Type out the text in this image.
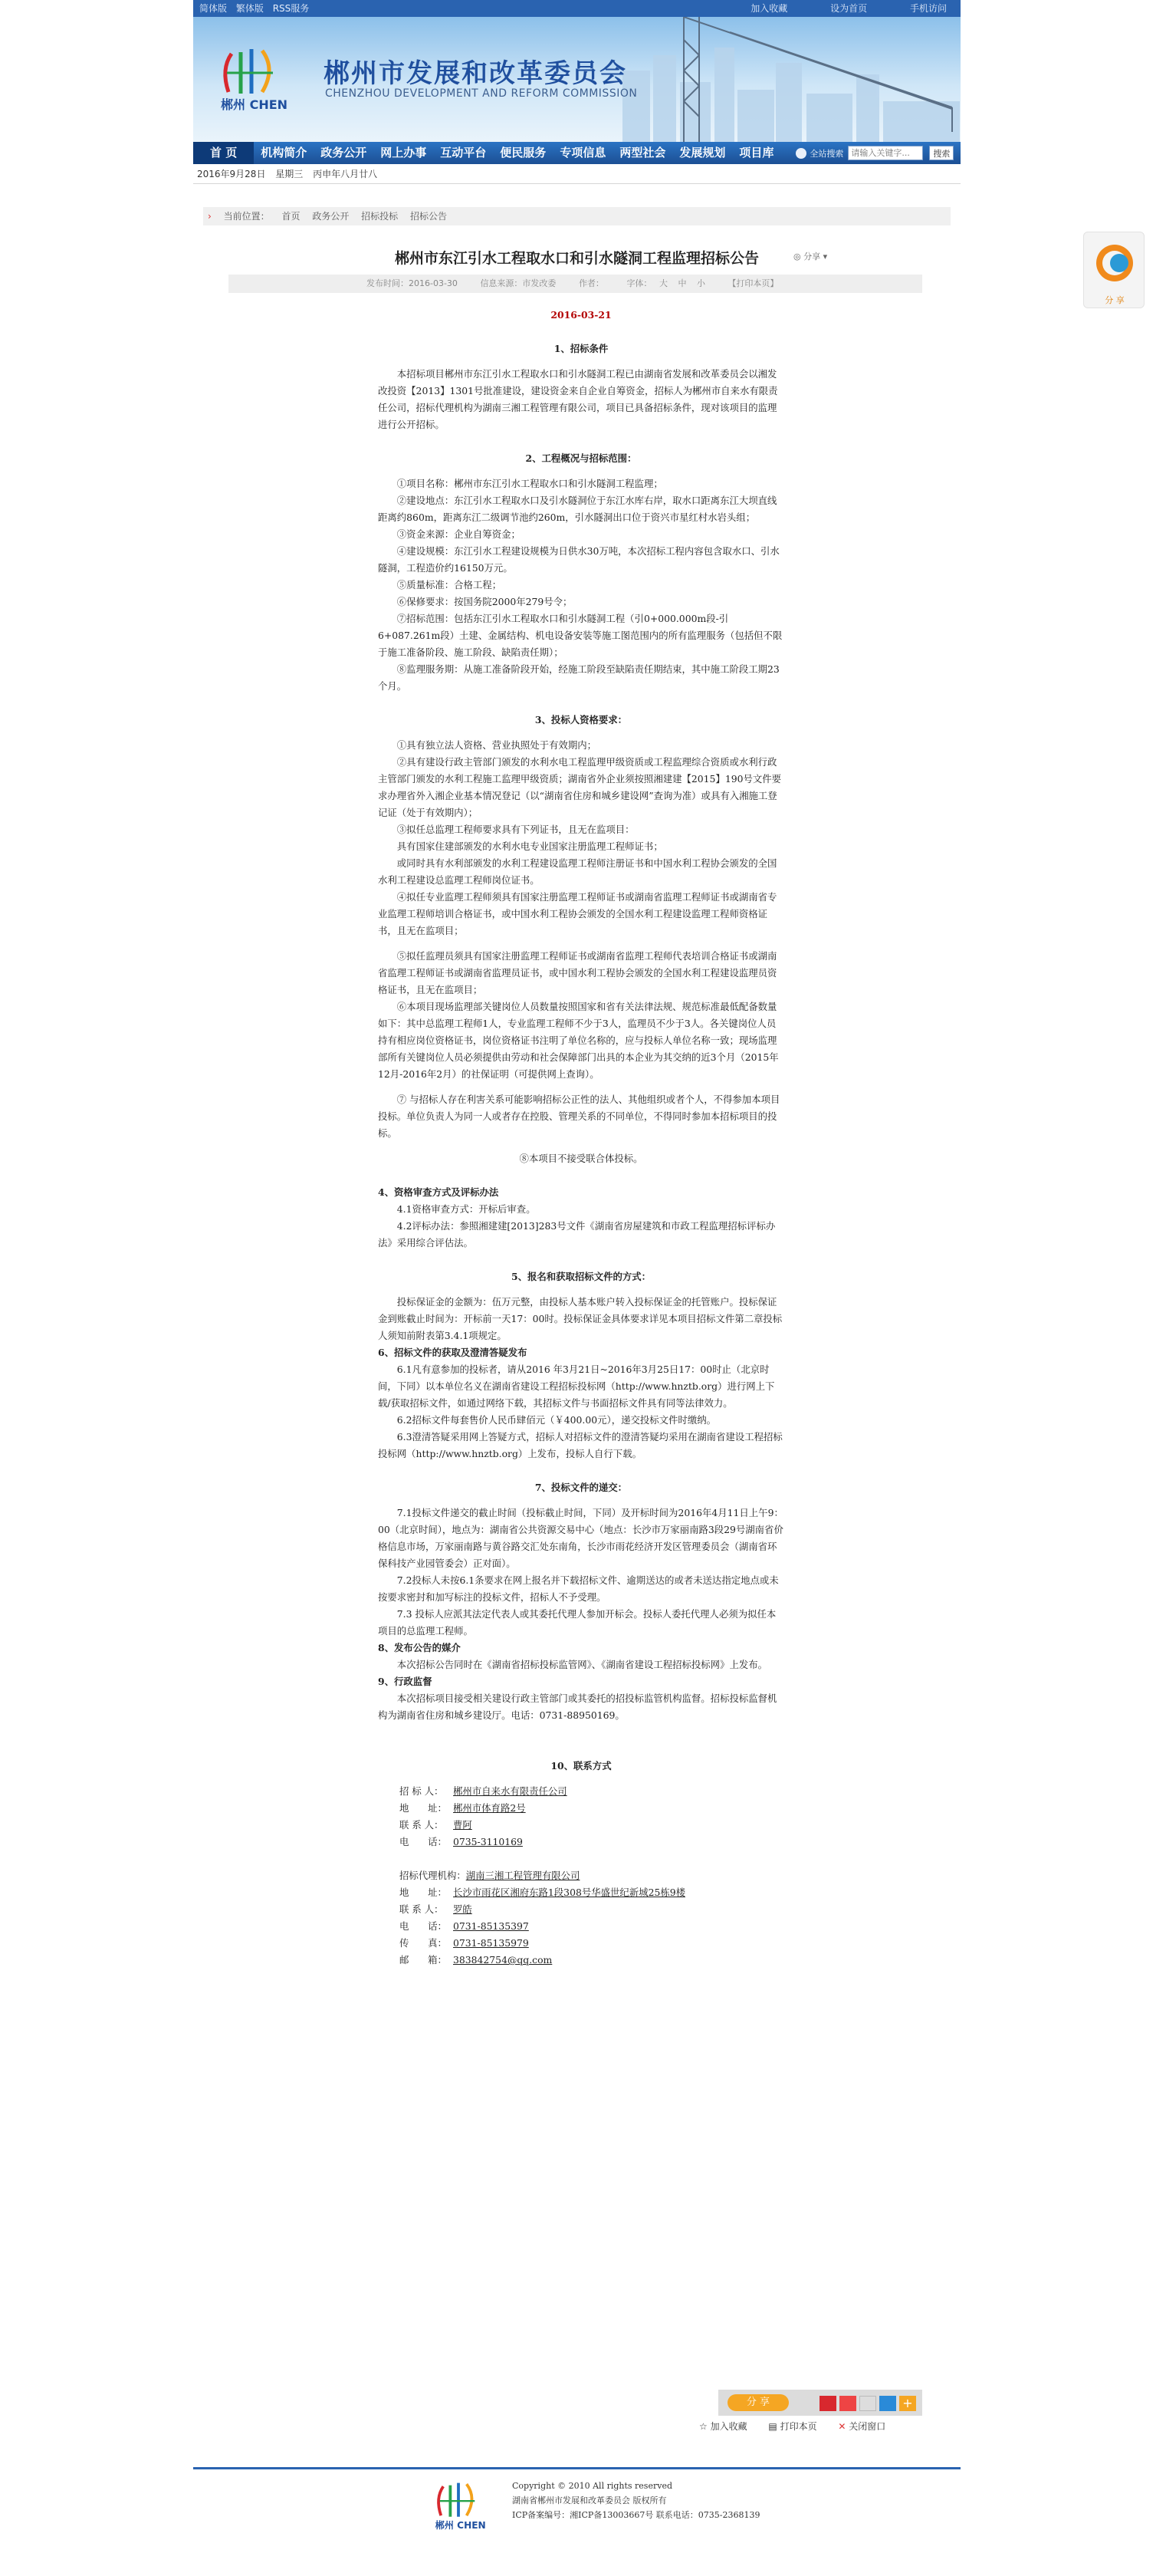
简体版 繁体版 RSS服务	加入收藏	设为首页	手机访问
郴州 CHEN
郴州市发展和改革委员会
CHENZHOU DEVELOPMENT AND REFORM COMMISSION
首 页	机构简介	政务公开	网上办事	互动平台	便民服务	专项信息	两型社会	发展规划	项目库	全站搜索
请输入关键字...	搜索
2016年9月28日 星期三 丙申年八月廿八
› 当前位置： 首页 政务公开 招标投标 招标公告
郴州市东江引水工程取水口和引水隧洞工程监理招标公告	◎ 分享 ▾
发布时间：2016-03-30	信息来源：市发改委	作者：	字体： 大 中 小	【打印本页】

2016-03-21

1、招标条件

本招标项目郴州市东江引水工程取水口和引水隧洞工程已由湖南省发展和改革委员会以湘发改投资【2013】1301号批准建设，建设资金来自企业自筹资金，招标人为郴州市自来水有限责任公司，招标代理机构为湖南三湘工程管理有限公司，项目已具备招标条件，现对该项目的监理进行公开招标。

2、工程概况与招标范围：

①项目名称：郴州市东江引水工程取水口和引水隧洞工程监理；

②建设地点：东江引水工程取水口及引水隧洞位于东江水库右岸，取水口距离东江大坝直线距离约860m，距离东江二级调节池约260m，引水隧洞出口位于资兴市星红村水岩头组；

③资金来源：企业自筹资金；

④建设规模：东江引水工程建设规模为日供水30万吨，本次招标工程内容包含取水口、引水隧洞，工程造价约16150万元。

⑤质量标准：合格工程；

⑥保修要求：按国务院2000年279号令；

⑦招标范围：包括东江引水工程取水口和引水隧洞工程（引0+000.000m段-引6+087.261m段）土建、金属结构、机电设备安装等施工图范围内的所有监理服务（包括但不限于施工准备阶段、施工阶段、缺陷责任期）；

⑧监理服务期：从施工准备阶段开始，经施工阶段至缺陷责任期结束，其中施工阶段工期23个月。

3、投标人资格要求：

①具有独立法人资格、营业执照处于有效期内；

②具有建设行政主管部门颁发的水利水电工程监理甲级资质或工程监理综合资质或水利行政主管部门颁发的水利工程施工监理甲级资质；湖南省外企业须按照湘建建【2015】190号文件要求办理省外入湘企业基本情况登记（以“湖南省住房和城乡建设网”查询为准）或具有入湘施工登记证（处于有效期内）；

③拟任总监理工程师要求具有下列证书，且无在监项目：

具有国家住建部颁发的水利水电专业国家注册监理工程师证书；

或同时具有水利部颁发的水利工程建设监理工程师注册证书和中国水利工程协会颁发的全国水利工程建设总监理工程师岗位证书。

④拟任专业监理工程师须具有国家注册监理工程师证书或湖南省监理工程师证书或湖南省专业监理工程师培训合格证书，或中国水利工程协会颁发的全国水利工程建设监理工程师资格证书，且无在监项目；

⑤拟任监理员须具有国家注册监理工程师证书或湖南省监理工程师代表培训合格证书或湖南省监理工程师证书或湖南省监理员证书，或中国水利工程协会颁发的全国水利工程建设监理员资格证书，且无在监项目；

⑥本项目现场监理部关键岗位人员数量按照国家和省有关法律法规、规范标准最低配备数量如下：其中总监理工程师1人，专业监理工程师不少于3人，监理员不少于3人。各关键岗位人员持有相应岗位资格证书，岗位资格证书注明了单位名称的，应与投标人单位名称一致；现场监理部所有关键岗位人员必须提供由劳动和社会保障部门出具的本企业为其交纳的近3个月（2015年12月-2016年2月）的社保证明（可提供网上查询）。

⑦ 与招标人存在利害关系可能影响招标公正性的法人、其他组织或者个人，不得参加本项目投标。单位负责人为同一人或者存在控股、管理关系的不同单位，不得同时参加本招标项目的投标。

⑧本项目不接受联合体投标。

4、资格审查方式及评标办法

4.1资格审查方式：开标后审查。

4.2评标办法：参照湘建建[2013]283号文件《湖南省房屋建筑和市政工程监理招标评标办法》采用综合评估法。

5、报名和获取招标文件的方式：

投标保证金的金额为：伍万元整，由投标人基本账户转入投标保证金的托管账户。投标保证金到账截止时间为：开标前一天17：00时。投标保证金具体要求详见本项目招标文件第二章投标人须知前附表第3.4.1项规定。

6、招标文件的获取及澄清答疑发布

6.1凡有意参加的投标者，请从2016 年3月21日~2016年3月25日17：00时止（北京时间，下同）以本单位名义在湖南省建设工程招标投标网（http://www.hnztb.org）进行网上下载/获取招标文件，如通过网络下载，其招标文件与书面招标文件具有同等法律效力。

6.2招标文件每套售价人民币肆佰元（￥400.00元），递交投标文件时缴纳。

6.3澄清答疑采用网上答疑方式，招标人对招标文件的澄清答疑均采用在湖南省建设工程招标投标网（http://www.hnztb.org）上发布，投标人自行下载。

7、投标文件的递交：

7.1投标文件递交的截止时间（投标截止时间，下同）及开标时间为2016年4月11日上午9：00（北京时间），地点为：湖南省公共资源交易中心（地点：长沙市万家丽南路3段29号湖南省价格信息市场，万家丽南路与黄谷路交汇处东南角，长沙市雨花经济开发区管理委员会（湖南省环保科技产业园管委会）正对面）。

7.2投标人未按6.1条要求在网上报名并下载招标文件、逾期送达的或者未送达指定地点或未按要求密封和加写标注的投标文件，招标人不予受理。

7.3 投标人应派其法定代表人或其委托代理人参加开标会。投标人委托代理人必须为拟任本项目的总监理工程师。

8、发布公告的媒介

本次招标公告同时在《湖南省招标投标监管网》、《湖南省建设工程招标投标网》上发布。

9、行政监督

本次招标项目接受相关建设行政主管部门或其委托的招投标监管机构监督。招标投标监督机构为湖南省住房和城乡建设厅。电话：0731-88950169。

10、联系方式

招 标 人：	郴州市自来水有限责任公司
地　　址： 郴州市体育路2号
联 系 人：	曹阿
电　　话： 0735-3110169
招标代理机构： 湖南三湘工程管理有限公司
地　　址： 长沙市雨花区湘府东路1段308号华盛世纪新城25栋9楼
联 系 人：	罗皓
电　　话： 0731-85135397
传　　真： 0731-85135979
邮　　箱： 383842754@qq.com
分 享	+
☆ 加入收藏 ▤ 打印本页 ✕ 关闭窗口
郴州 CHEN
Copyright © 2010 All rights reserved
湖南省郴州市发展和改革委员会 版权所有
ICP备案编号：湘ICP备13003667号 联系电话：0735-2368139
分 享
